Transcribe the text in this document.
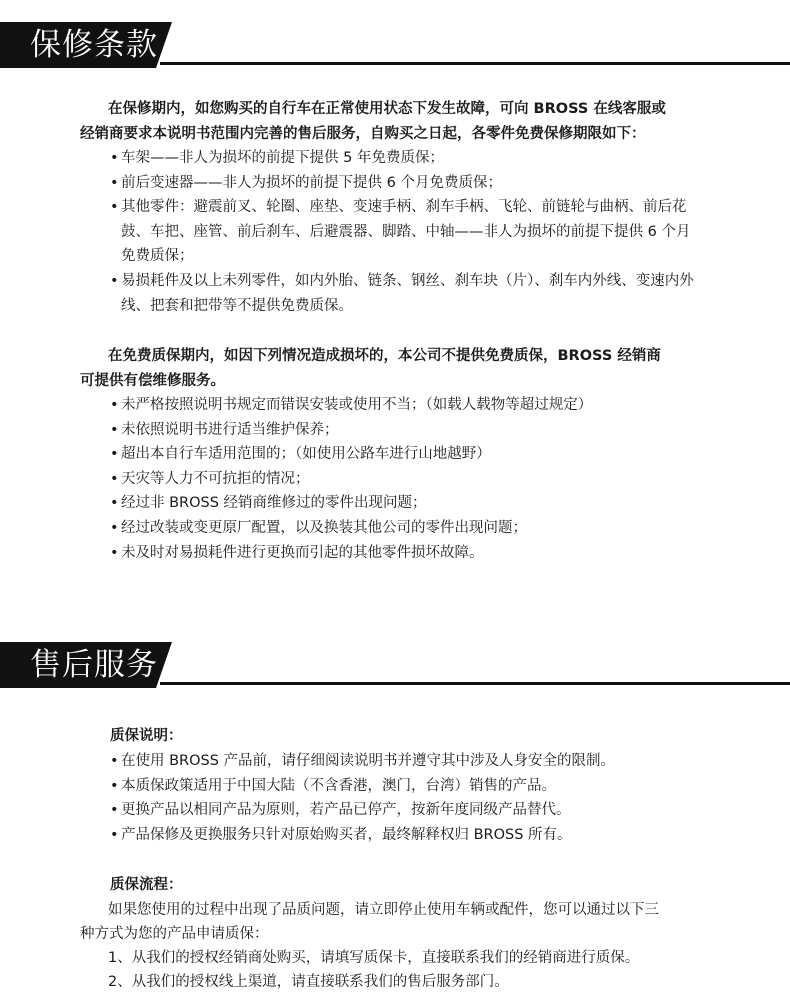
保修条款
在保修期内，如您购买的自行车在正常使用状态下发生故障，可向 BROSS 在线客服或
经销商要求本说明书范围内完善的售后服务，自购买之日起，各零件免费保修期限如下：
• 车架——非人为损坏的前提下提供 5 年免费质保；
• 前后变速器——非人为损坏的前提下提供 6 个月免费质保；
• 其他零件：避震前叉、轮圈、座垫、变速手柄、刹车手柄、飞轮、前链轮与曲柄、前后花鼓、车把、座管、前后刹车、后避震器、脚踏、中轴——非人为损坏的前提下提供 6 个月免费质保；
• 易损耗件及以上未列零件，如内外胎、链条、钢丝、刹车块（片）、刹车内外线、变速内外线、把套和把带等不提供免费质保。
在免费质保期内，如因下列情况造成损坏的，本公司不提供免费质保，BROSS 经销商
可提供有偿维修服务。
• 未严格按照说明书规定而错误安装或使用不当；（如载人载物等超过规定）
• 未依照说明书进行适当维护保养；
• 超出本自行车适用范围的；（如使用公路车进行山地越野）
• 天灾等人力不可抗拒的情况；
• 经过非 BROSS 经销商维修过的零件出现问题；
• 经过改装或变更原厂配置，以及换装其他公司的零件出现问题；
• 未及时对易损耗件进行更换而引起的其他零件损坏故障。
售后服务
质保说明：
• 在使用 BROSS 产品前，请仔细阅读说明书并遵守其中涉及人身安全的限制。
• 本质保政策适用于中国大陆（不含香港，澳门，台湾）销售的产品。
• 更换产品以相同产品为原则，若产品已停产，按新年度同级产品替代。
• 产品保修及更换服务只针对原始购买者，最终解释权归 BROSS 所有。
质保流程：
如果您使用的过程中出现了品质问题，请立即停止使用车辆或配件，您可以通过以下三
种方式为您的产品申请质保：
1、从我们的授权经销商处购买，请填写质保卡，直接联系我们的经销商进行质保。
2、从我们的授权线上渠道，请直接联系我们的售后服务部门。
